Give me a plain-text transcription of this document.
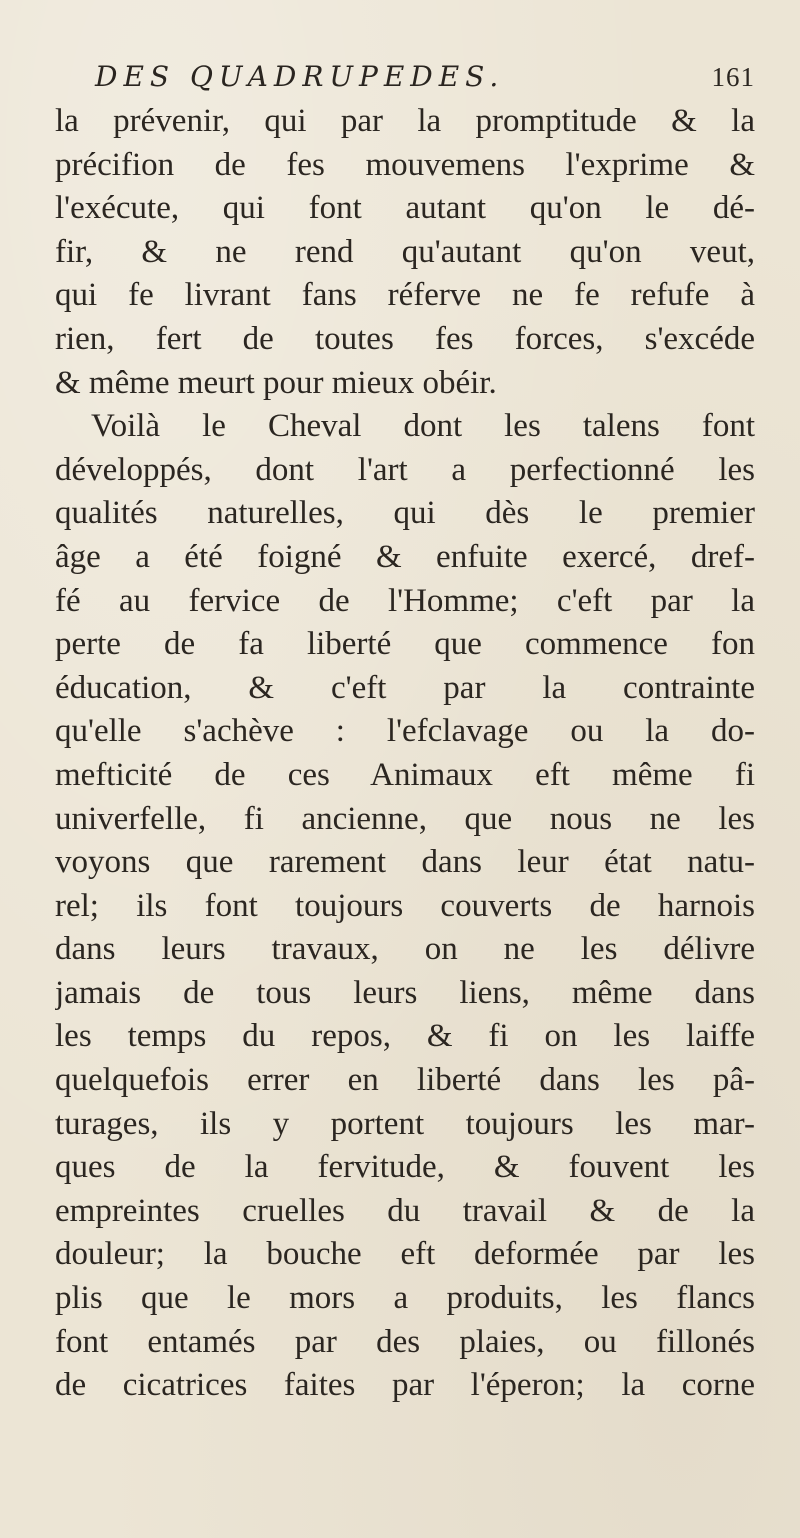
DES QUADRUPEDES.	161
la prévenir, qui par la promptitude & la
précifion de fes mouvemens l'exprime &
l'exécute, qui font autant qu'on le dé-
fir, & ne rend qu'autant qu'on veut,
qui fe livrant fans réferve ne fe refufe à
rien, fert de toutes fes forces, s'excéde
& même meurt pour mieux obéir.
Voilà le Cheval dont les talens font
développés, dont l'art a perfectionné les
qualités naturelles, qui dès le premier
âge a été foigné & enfuite exercé, dref-
fé au fervice de l'Homme; c'eft par la
perte de fa liberté que commence fon
éducation, & c'eft par la contrainte
qu'elle s'achève : l'efclavage ou la do-
mefticité de ces Animaux eft même fi
univerfelle, fi ancienne, que nous ne les
voyons que rarement dans leur état natu-
rel; ils font toujours couverts de harnois
dans leurs travaux, on ne les délivre
jamais de tous leurs liens, même dans
les temps du repos, & fi on les laiffe
quelquefois errer en liberté dans les pâ-
turages, ils y portent toujours les mar-
ques de la fervitude, & fouvent les
empreintes cruelles du travail & de la
douleur; la bouche eft deformée par les
plis que le mors a produits, les flancs
font entamés par des plaies, ou fillonés
de cicatrices faites par l'éperon; la corne
